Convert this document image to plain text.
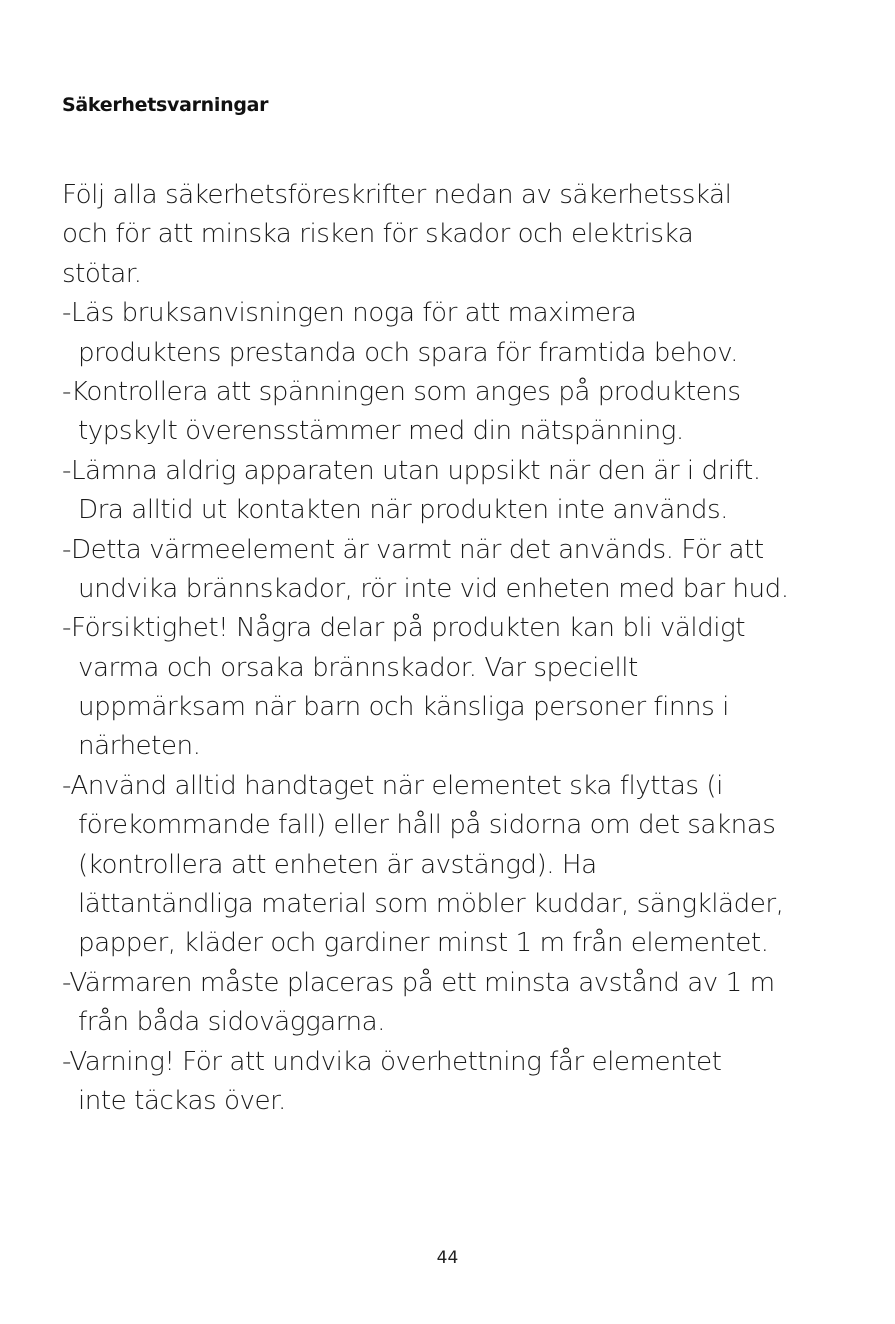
Säkerhetsvarningar
Följ alla säkerhetsföreskrifter nedan av säkerhetsskäl
och för att minska risken för skador och elektriska
stötar.
-Läs bruksanvisningen noga för att maximera
produktens prestanda och spara för framtida behov.
-Kontrollera att spänningen som anges på produktens
typskylt överensstämmer med din nätspänning.
-Lämna aldrig apparaten utan uppsikt när den är i drift.
Dra alltid ut kontakten när produkten inte används.
-Detta värmeelement är varmt när det används. För att
undvika brännskador, rör inte vid enheten med bar hud.
-Försiktighet! Några delar på produkten kan bli väldigt
varma och orsaka brännskador. Var speciellt
uppmärksam när barn och känsliga personer finns i
närheten.
-Använd alltid handtaget när elementet ska flyttas (i
förekommande fall) eller håll på sidorna om det saknas
(kontrollera att enheten är avstängd). Ha
lättantändliga material som möbler kuddar, sängkläder,
papper, kläder och gardiner minst 1 m från elementet.
-Värmaren måste placeras på ett minsta avstånd av 1 m
från båda sidoväggarna.
-Varning! För att undvika överhettning får elementet
inte täckas över.
44
